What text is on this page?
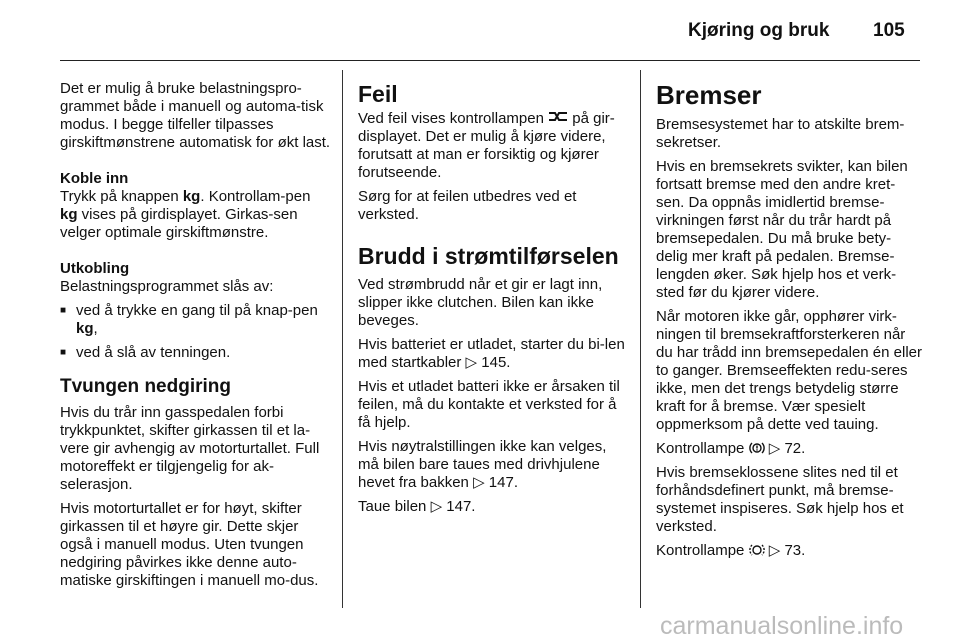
Kjøring og bruk 105

Det er mulig å bruke belastningspro-grammet både i manuell og automa-tisk modus. I begge tilfeller tilpasses girskiftmønstrene automatisk for økt last.

Koble inn

Trykk på knappen kg. Kontrollam-pen kg vises på girdisplayet. Girkas-sen velger optimale girskiftmønstre.

Utkobling

Belastningsprogrammet slås av:

■ ved å trykke en gang til på knap-pen kg,
■ ved å slå av tenningen.

Tvungen nedgiring

Hvis du trår inn gasspedalen forbi trykkpunktet, skifter girkassen til et la-vere gir avhengig av motorturtallet. Full motoreffekt er tilgjengelig for ak-selerasjon.

Hvis motorturtallet er for høyt, skifter girkassen til et høyre gir. Dette skjer også i manuell modus. Uten tvungen nedgiring påvirkes ikke denne auto-matiske girskiftingen i manuell mo-dus.

Feil

Ved feil vises kontrollampen  på gir-displayet. Det er mulig å kjøre videre, forutsatt at man er forsiktig og kjører forutseende.

Sørg for at feilen utbedres ved et verksted.

Brudd i strømtilførselen

Ved strømbrudd når et gir er lagt inn, slipper ikke clutchen. Bilen kan ikke beveges.

Hvis batteriet er utladet, starter du bi-len med startkabler ▷ 145.

Hvis et utladet batteri ikke er årsaken til feilen, må du kontakte et verksted for å få hjelp.

Hvis nøytralstillingen ikke kan velges, må bilen bare taues med drivhjulene hevet fra bakken ▷ 147.

Taue bilen ▷ 147.

Bremser

Bremsesystemet har to atskilte brem-sekretser.

Hvis en bremsekrets svikter, kan bilen fortsatt bremse med den andre kret-sen. Da oppnås imidlertid bremse-virkningen først når du trår hardt på bremsepedalen. Du må bruke bety-delig mer kraft på pedalen. Bremse-lengden øker. Søk hjelp hos et verk-sted før du kjører videre.

Når motoren ikke går, opphører virk-ningen til bremsekraftforsterkeren når du har trådd inn bremsepedalen én eller to ganger. Bremseeffekten redu-seres ikke, men det trengs betydelig større kraft for å bremse. Vær spesielt oppmerksom på dette ved tauing.

Kontrollampe  ▷ 72.

Hvis bremseklossene slites ned til et forhåndsdefinert punkt, må bremse-systemet inspiseres. Søk hjelp hos et verksted.

Kontrollampe  ▷ 73.

carmanualsonline.info
